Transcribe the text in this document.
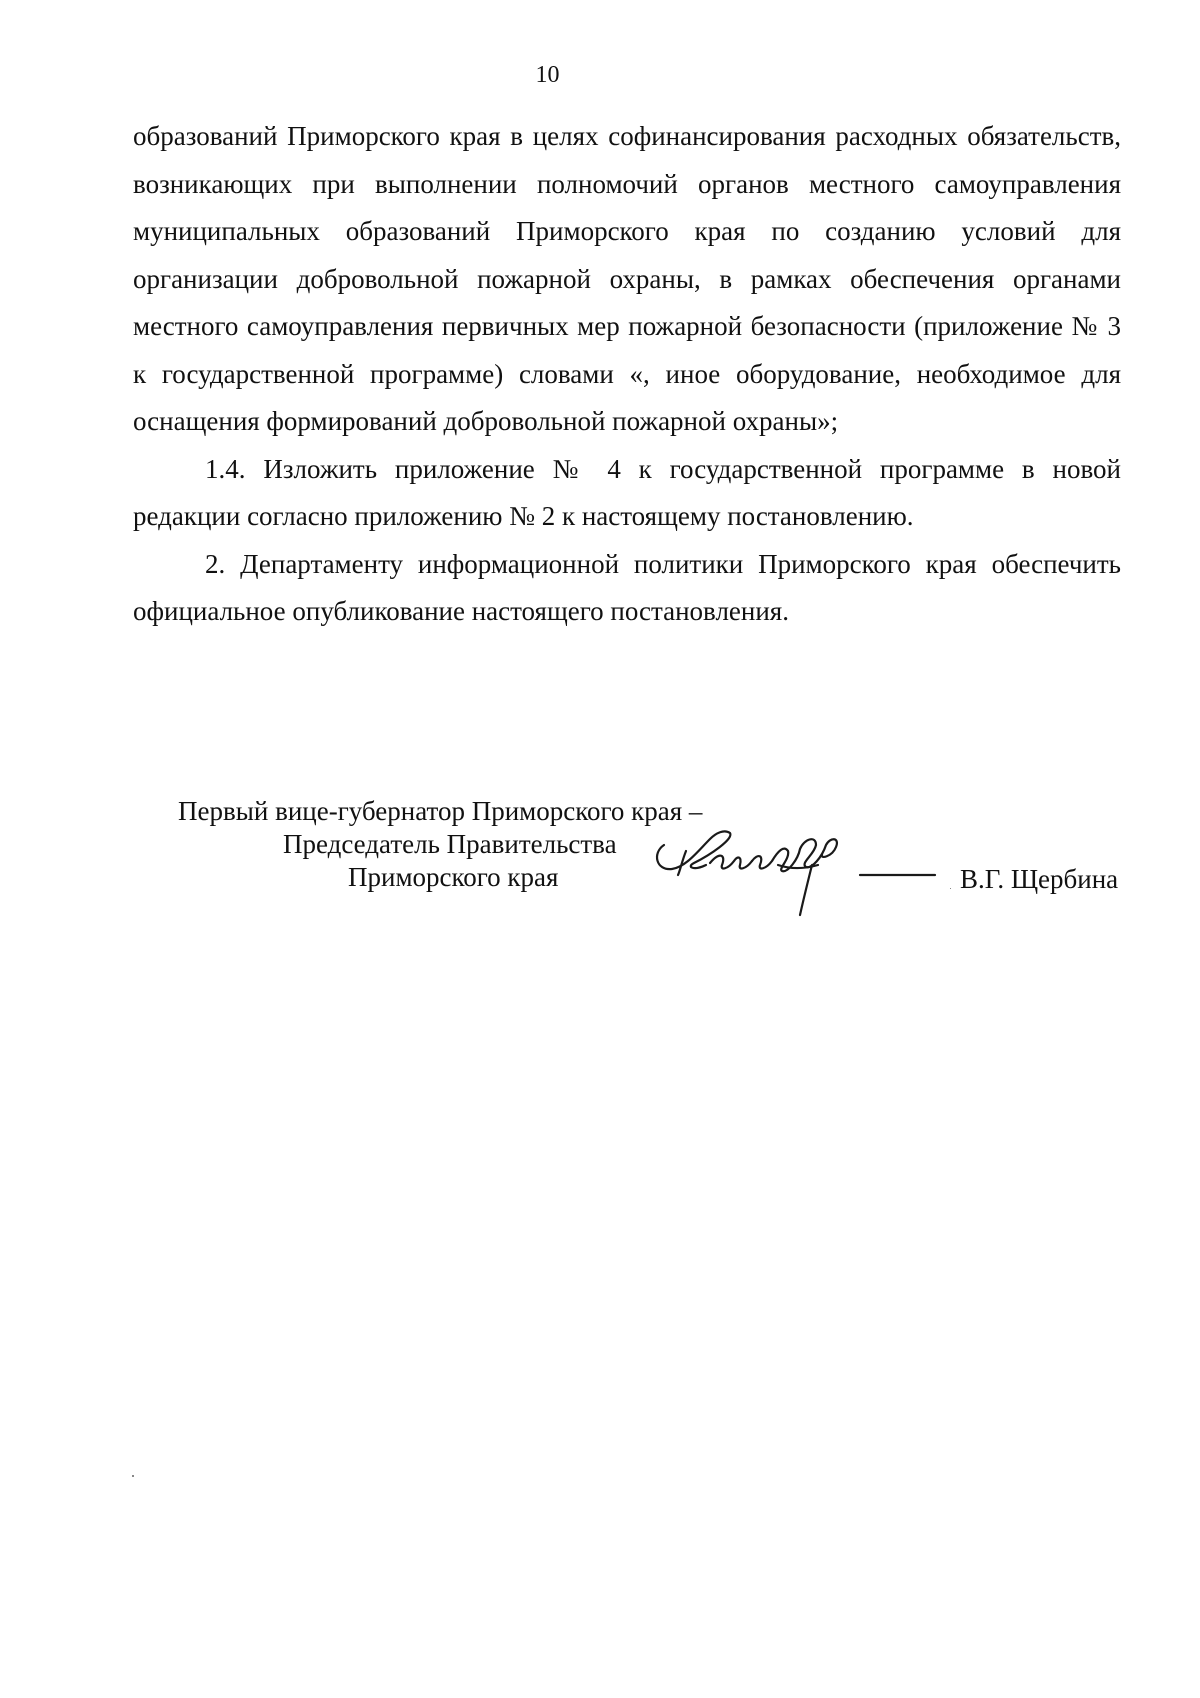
10

образований Приморского края в целях софинансирования расходных обязательств, возникающих при выполнении полномочий органов местного самоуправления муниципальных образований Приморского края по созданию условий для организации добровольной пожарной охраны, в рамках обеспечения органами местного самоуправления первичных мер пожарной безопасности (приложение № 3 к государственной программе) словами «, иное оборудование, необходимое для оснащения формирований добровольной пожарной охраны»;

1.4. Изложить приложение № 4 к государственной программе в новой редакции согласно приложению № 2 к настоящему постановлению.

2. Департаменту информационной политики Приморского края обеспечить официальное опубликование настоящего постановления.

Первый вице-губернатор Приморского края –
Председатель Правительства
Приморского края	В.Г. Щербина
